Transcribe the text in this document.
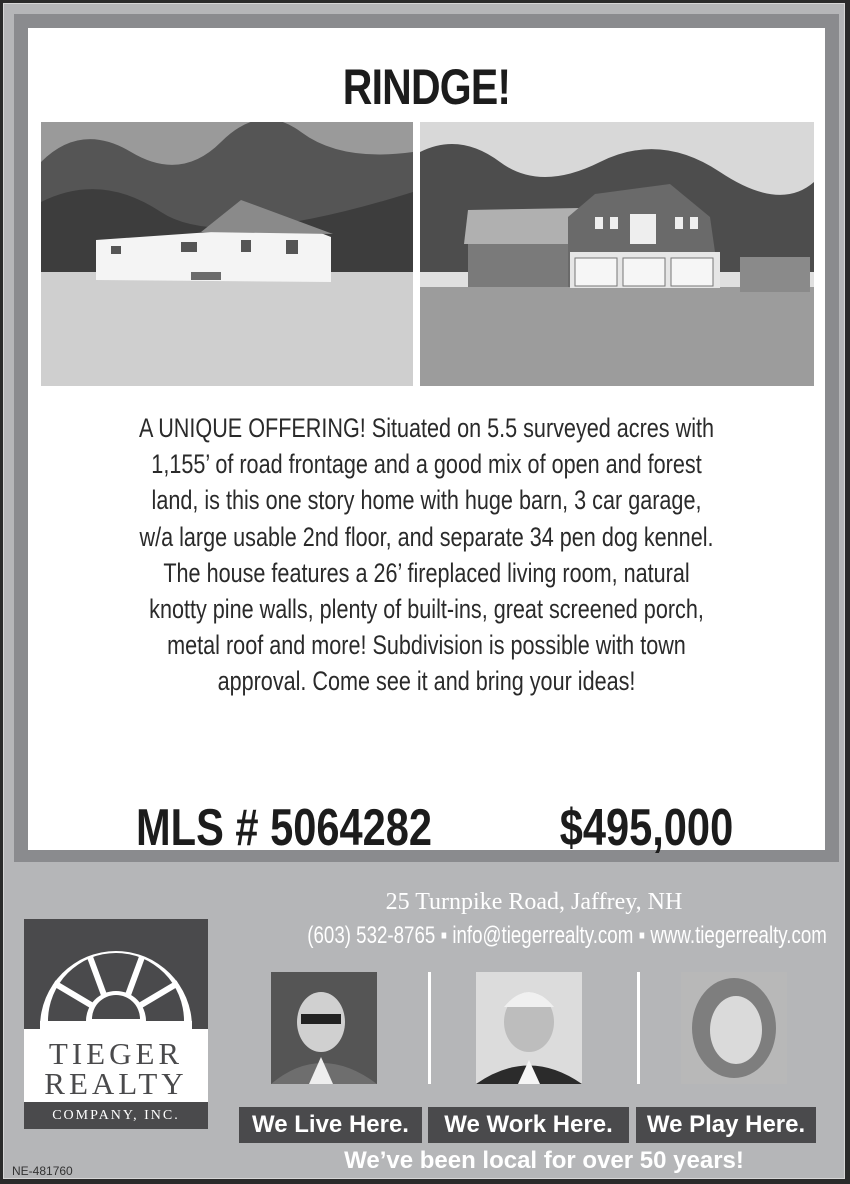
RINDGE!
A UNIQUE OFFERING! Situated on 5.5 surveyed acres with
1,155’ of road frontage and a good mix of open and forest
land, is this one story home with huge barn, 3 car garage,
w/a large usable 2nd floor, and separate 34 pen dog kennel.
The house features a 26’ fireplaced living room, natural
knotty pine walls, plenty of built-ins, great screened porch,
metal roof and more! Subdivision is possible with town
approval. Come see it and bring your ideas!
MLS # 5064282 $495,000
25 Turnpike Road, Jaffrey, NH
(603) 532-8765 ▪ info@tiegerrealty.com ▪ www.tiegerrealty.com
TIEGER
REALTY
COMPANY, INC.	We Live Here.	We Work Here.	We Play Here.
We’ve been local for over 50 years!
NE-481760
